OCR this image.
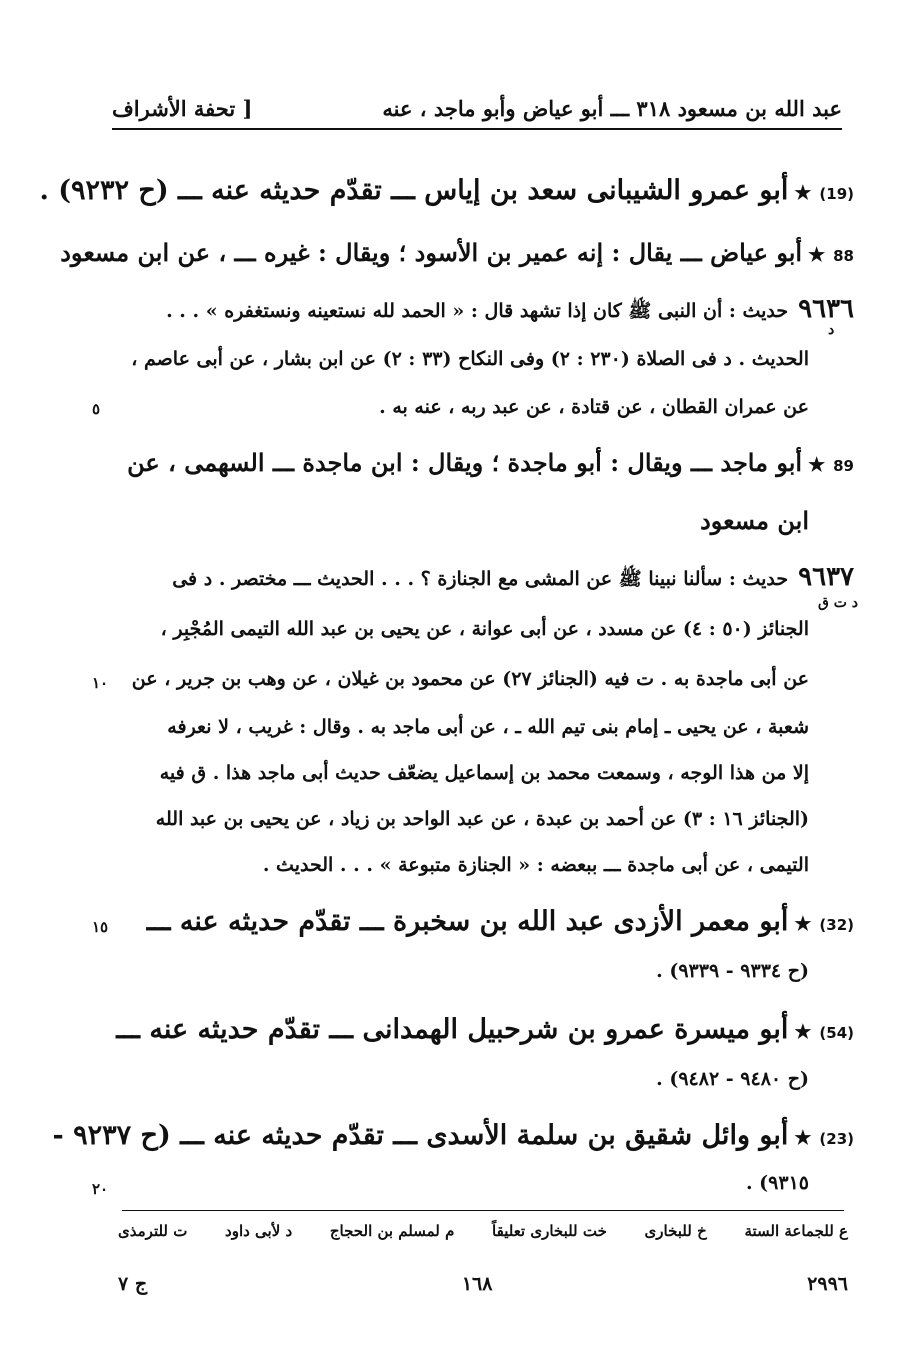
عبد الله بن مسعود ٣١٨ ـــ أبو عياض وأبو ماجد ، عنه
[ تحفة الأشراف
(19)★أبو عمرو الشيبانى سعد بن إياس ـــ تقدّم حديثه عنه ـــ (ح ٩٢٣٢) .
88★أبو عياض ـــ يقال : إنه عمير بن الأسود ؛ ويقال : غيره ـــ ، عن ابن مسعود
٩٦٣٦حديث : أن النبى ﷺ كان إذا تشهد قال : « الحمد لله نستعينه ونستغفره » . . .
د
الحديث . د فى الصلاة (٢٣٠ : ٢) وفى النكاح (٣٣ : ٢) عن ابن بشار ، عن أبى عاصم ،
عن عمران القطان ، عن قتادة ، عن عبد ربه ، عنه به .
٥
89★أبو ماجد ـــ ويقال : أبو ماجدة ؛ ويقال : ابن ماجدة ـــ السهمى ، عن
ابن مسعود
٩٦٣٧حديث : سألنا نبينا ﷺ عن المشى مع الجنازة ؟ . . . الحديث ـــ مختصر . د فى
د ت ق
الجنائز (٥٠ : ٤) عن مسدد ، عن أبى عوانة ، عن يحيى بن عبد الله التيمى المُجْبِر ،
عن أبى ماجدة به . ت فيه (الجنائز ٢٧) عن محمود بن غيلان ، عن وهب بن جرير ، عن
١٠
شعبة ، عن يحيى ـ إمام بنى تيم الله ـ ، عن أبى ماجد به . وقال : غريب ، لا نعرفه
إلا من هذا الوجه ، وسمعت محمد بن إسماعيل يضعّف حديث أبى ماجد هذا . ق فيه
(الجنائز ١٦ : ٣) عن أحمد بن عبدة ، عن عبد الواحد بن زياد ، عن يحيى بن عبد الله
التيمى ، عن أبى ماجدة ـــ ببعضه : « الجنازة متبوعة » . . . الحديث .
(32)★أبو معمر الأزدى عبد الله بن سخبرة ـــ تقدّم حديثه عنه ـــ
١٥
(ح ٩٣٣٤ - ٩٣٣٩) .
(54)★أبو ميسرة عمرو بن شرحبيل الهمدانى ـــ تقدّم حديثه عنه ـــ
(ح ٩٤٨٠ - ٩٤٨٢) .
(23)★أبو وائل شقيق بن سلمة الأسدى ـــ تقدّم حديثه عنه ـــ (ح ٩٢٣٧ -
٩٣١٥) .
٢٠
ع للجماعة الستة
خ للبخارى
خت للبخارى تعليقاً
م لمسلم بن الحجاج
د لأبى داود
ت للترمذى
٢٩٩٦
١٦٨
ج ٧
